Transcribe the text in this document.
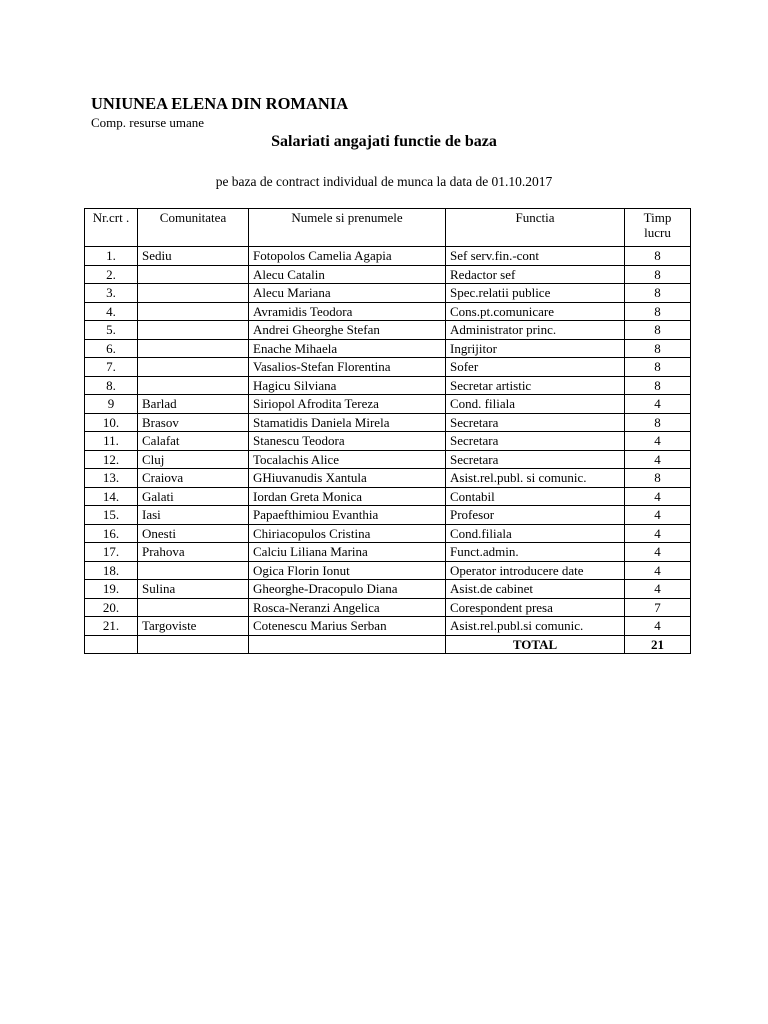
UNIUNEA ELENA DIN ROMANIA

Comp. resurse umane

Salariati angajati functie de baza

pe baza de contract individual de munca la data de 01.10.2017

Nr.crt .	Comunitatea	Numele si prenumele	Functia	Timp lucru
1.	Sediu	Fotopolos Camelia Agapia	Sef serv.fin.-cont	8
2.		Alecu Catalin	Redactor sef	8
3.		Alecu Mariana	Spec.relatii publice	8
4.		Avramidis Teodora	Cons.pt.comunicare	8
5.		Andrei Gheorghe Stefan	Administrator princ.	8
6.		Enache Mihaela	Ingrijitor	8
7.		Vasalios-Stefan Florentina	Sofer	8
8.		Hagicu Silviana	Secretar artistic	8
9	Barlad	Siriopol Afrodita Tereza	Cond. filiala	4
10.	Brasov	Stamatidis Daniela Mirela	Secretara	8
11.	Calafat	Stanescu Teodora	Secretara	4
12.	Cluj	Tocalachis Alice	Secretara	4
13.	Craiova	GHiuvanudis Xantula	Asist.rel.publ. si comunic.	8
14.	Galati	Iordan Greta Monica	Contabil	4
15.	Iasi	Papaefthimiou Evanthia	Profesor	4
16.	Onesti	Chiriacopulos Cristina	Cond.filiala	4
17.	Prahova	Calciu Liliana Marina	Funct.admin.	4
18.		Ogica Florin Ionut	Operator introducere date	4
19.	Sulina	Gheorghe-Dracopulo Diana	Asist.de cabinet	4
20.		Rosca-Neranzi Angelica	Corespondent presa	7
21.	Targoviste	Cotenescu Marius Serban	Asist.rel.publ.si comunic.	4
			TOTAL	21
